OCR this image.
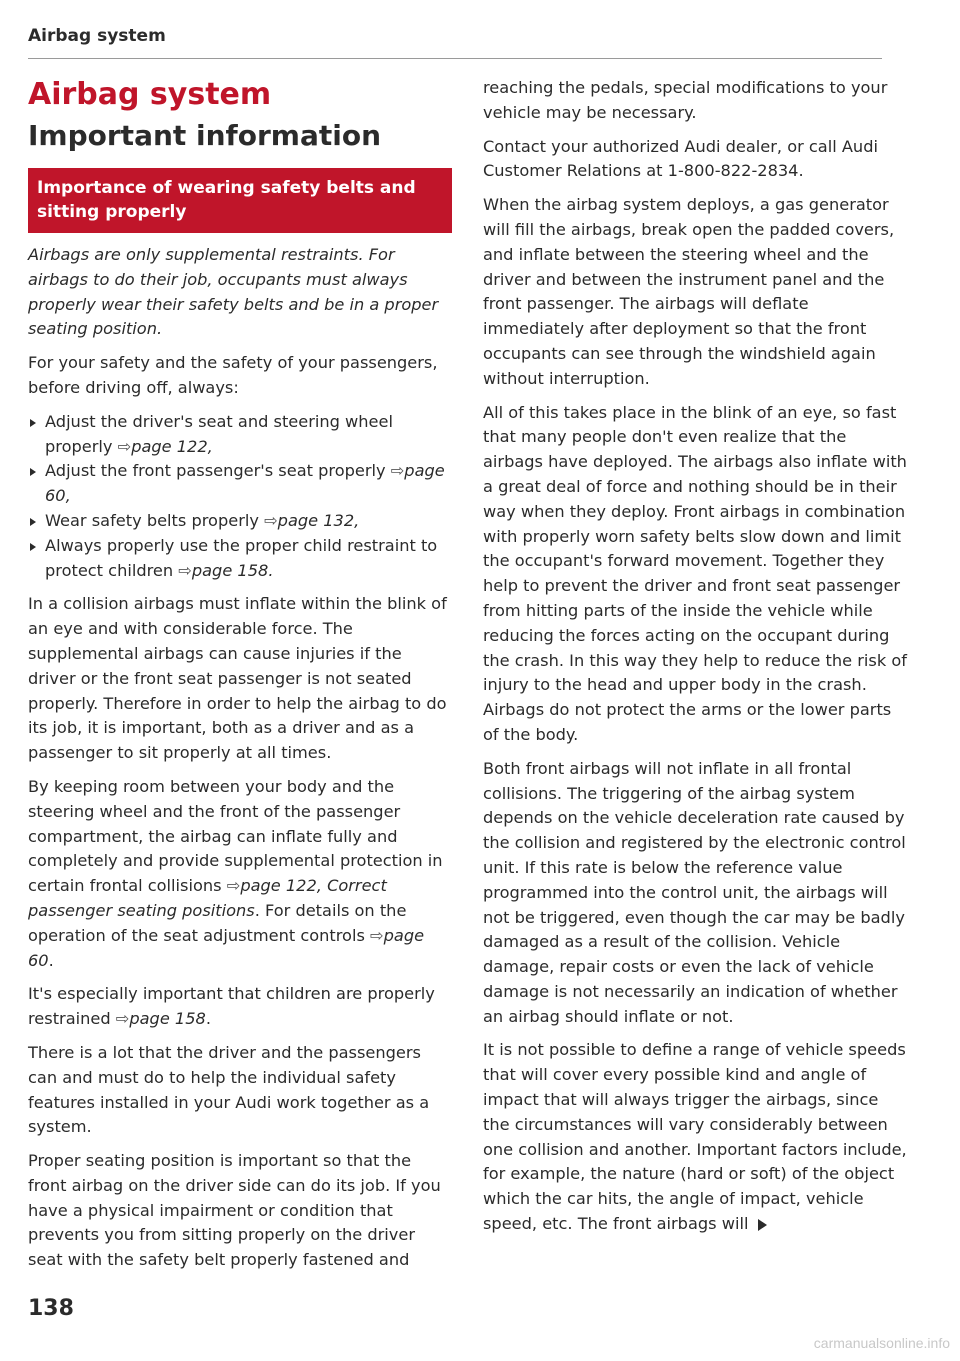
Airbag system
Airbag system
Important information
Importance of wearing safety belts and sitting properly

Airbags are only supplemental restraints. For airbags to do their job, occupants must always properly wear their safety belts and be in a proper seating position.

For your safety and the safety of your passengers, before driving off, always:

Adjust the driver's seat and steering wheel properly ⇨page 122,
Adjust the front passenger's seat properly ⇨page 60,
Wear safety belts properly ⇨page 132,
Always properly use the proper child restraint to protect children ⇨page 158.

In a collision airbags must inflate within the blink of an eye and with considerable force. The supplemental airbags can cause injuries if the driver or the front seat passenger is not seated properly. Therefore in order to help the airbag to do its job, it is important, both as a driver and as a passenger to sit properly at all times.

By keeping room between your body and the steering wheel and the front of the passenger compartment, the airbag can inflate fully and completely and provide supplemental protection in certain frontal collisions ⇨page 122, Correct passenger seating positions. For details on the operation of the seat adjustment controls ⇨page 60.

It's especially important that children are properly restrained ⇨page 158.

There is a lot that the driver and the passengers can and must do to help the individual safety features installed in your Audi work together as a system.

Proper seating position is important so that the front airbag on the driver side can do its job. If you have a physical impairment or condition that prevents you from sitting properly on the driver seat with the safety belt properly fastened and

reaching the pedals, special modifications to your vehicle may be necessary.

Contact your authorized Audi dealer, or call Audi Customer Relations at 1-800-822-2834.

When the airbag system deploys, a gas generator will fill the airbags, break open the padded covers, and inflate between the steering wheel and the driver and between the instrument panel and the front passenger. The airbags will deflate immediately after deployment so that the front occupants can see through the windshield again without interruption.

All of this takes place in the blink of an eye, so fast that many people don't even realize that the airbags have deployed. The airbags also inflate with a great deal of force and nothing should be in their way when they deploy. Front airbags in combination with properly worn safety belts slow down and limit the occupant's forward movement. Together they help to prevent the driver and front seat passenger from hitting parts of the inside the vehicle while reducing the forces acting on the occupant during the crash. In this way they help to reduce the risk of injury to the head and upper body in the crash. Airbags do not protect the arms or the lower parts of the body.

Both front airbags will not inflate in all frontal collisions. The triggering of the airbag system depends on the vehicle deceleration rate caused by the collision and registered by the electronic control unit. If this rate is below the reference value programmed into the control unit, the airbags will not be triggered, even though the car may be badly damaged as a result of the collision. Vehicle damage, repair costs or even the lack of vehicle damage is not necessarily an indication of whether an airbag should inflate or not.

It is not possible to define a range of vehicle speeds that will cover every possible kind and angle of impact that will always trigger the airbags, since the circumstances will vary considerably between one collision and another. Important factors include, for example, the nature (hard or soft) of the object which the car hits, the angle of impact, vehicle speed, etc. The front airbags will

138
carmanualsonline.info
